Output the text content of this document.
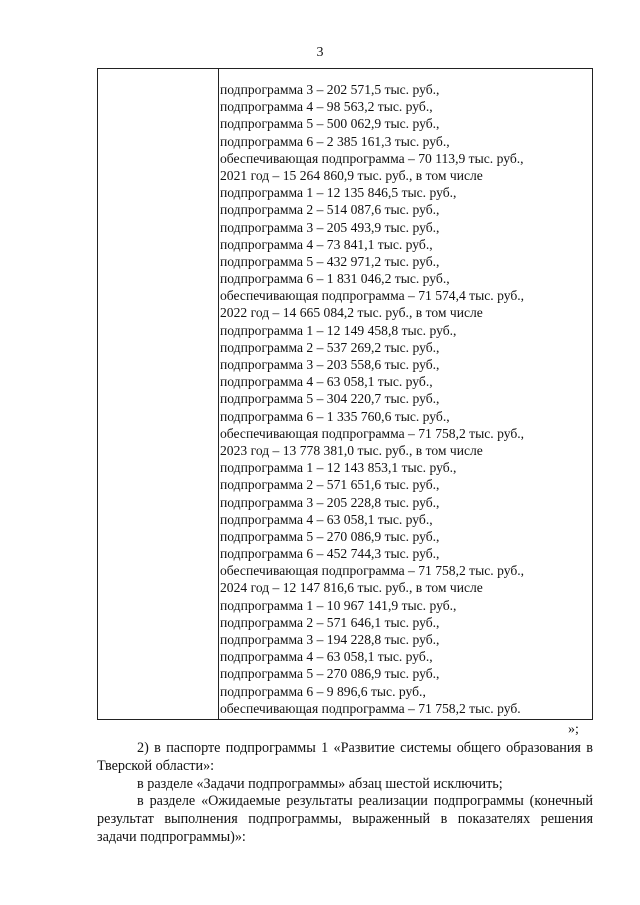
3
подпрограмма 3 – 202 571,5 тыс. руб.,
подпрограмма 4 – 98 563,2 тыс. руб.,
подпрограмма 5 – 500 062,9 тыс. руб.,
подпрограмма 6 – 2 385 161,3 тыс. руб.,
обеспечивающая подпрограмма – 70 113,9 тыс. руб.,
2021 год – 15 264 860,9 тыс. руб., в том числе
подпрограмма 1 – 12 135 846,5 тыс. руб.,
подпрограмма 2 – 514 087,6 тыс. руб.,
подпрограмма 3 – 205 493,9 тыс. руб.,
подпрограмма 4 – 73 841,1 тыс. руб.,
подпрограмма 5 – 432 971,2 тыс. руб.,
подпрограмма 6 – 1 831 046,2 тыс. руб.,
обеспечивающая подпрограмма – 71 574,4 тыс. руб.,
2022 год – 14 665 084,2 тыс. руб., в том числе
подпрограмма 1 – 12 149 458,8 тыс. руб.,
подпрограмма 2 – 537 269,2 тыс. руб.,
подпрограмма 3 – 203 558,6 тыс. руб.,
подпрограмма 4 – 63 058,1 тыс. руб.,
подпрограмма 5 – 304 220,7 тыс. руб.,
подпрограмма 6 – 1 335 760,6 тыс. руб.,
обеспечивающая подпрограмма – 71 758,2 тыс. руб.,
2023 год – 13 778 381,0 тыс. руб., в том числе
подпрограмма 1 – 12 143 853,1 тыс. руб.,
подпрограмма 2 – 571 651,6 тыс. руб.,
подпрограмма 3 – 205 228,8 тыс. руб.,
подпрограмма 4 – 63 058,1 тыс. руб.,
подпрограмма 5 – 270 086,9 тыс. руб.,
подпрограмма 6 – 452 744,3 тыс. руб.,
обеспечивающая подпрограмма – 71 758,2 тыс. руб.,
2024 год – 12 147 816,6 тыс. руб., в том числе
подпрограмма 1 – 10 967 141,9 тыс. руб.,
подпрограмма 2 – 571 646,1 тыс. руб.,
подпрограмма 3 – 194 228,8 тыс. руб.,
подпрограмма 4 – 63 058,1 тыс. руб.,
подпрограмма 5 – 270 086,9 тыс. руб.,
подпрограмма 6 – 9 896,6 тыс. руб.,
обеспечивающая подпрограмма – 71 758,2 тыс. руб.
»;

2) в паспорте подпрограммы 1 «Развитие системы общего образования в Тверской области»:

в разделе «Задачи подпрограммы» абзац шестой исключить;

в разделе «Ожидаемые результаты реализации подпрограммы (конечный результат выполнения подпрограммы, выраженный в показателях решения задачи подпрограммы)»:
